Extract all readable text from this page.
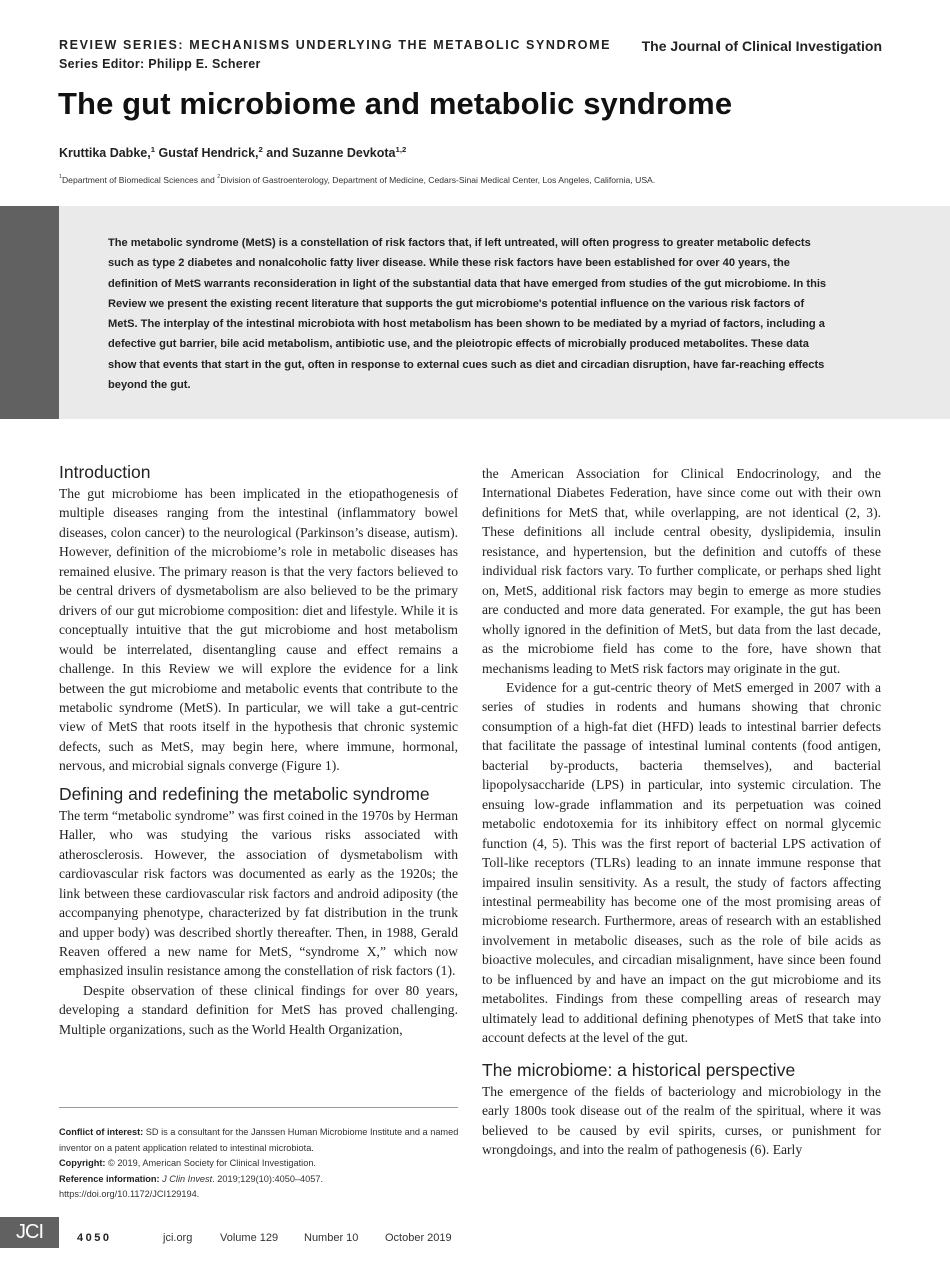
REVIEW SERIES: MECHANISMS UNDERLYING THE METABOLIC SYNDROME
Series Editor: Philipp E. Scherer
The Journal of Clinical Investigation
The gut microbiome and metabolic syndrome
Kruttika Dabke,$^1$ Gustaf Hendrick,$^2$ and Suzanne Devkota$^{1,2}$
$^1$Department of Biomedical Sciences and $^2$Division of Gastroenterology, Department of Medicine, Cedars-Sinai Medical Center, Los Angeles, California, USA.
The metabolic syndrome (MetS) is a constellation of risk factors that, if left untreated, will often progress to greater metabolic defects such as type 2 diabetes and nonalcoholic fatty liver disease. While these risk factors have been established for over 40 years, the definition of MetS warrants reconsideration in light of the substantial data that have emerged from studies of the gut microbiome. In this Review we present the existing recent literature that supports the gut microbiome's potential influence on the various risk factors of MetS. The interplay of the intestinal microbiota with host metabolism has been shown to be mediated by a myriad of factors, including a defective gut barrier, bile acid metabolism, antibiotic use, and the pleiotropic effects of microbially produced metabolites. These data show that events that start in the gut, often in response to external cues such as diet and circadian disruption, have far-reaching effects beyond the gut.
Introduction

The gut microbiome has been implicated in the etiopathogenesis of multiple diseases ranging from the intestinal (inflammatory bowel diseases, colon cancer) to the neurological (Parkinson’s disease, autism). However, definition of the microbiome’s role in metabolic diseases has remained elusive. The primary reason is that the very factors believed to be central drivers of dysmetabolism are also believed to be the primary drivers of our gut microbiome composition: diet and lifestyle. While it is conceptually intuitive that the gut microbiome and host metabolism would be interrelated, disentangling cause and effect remains a challenge. In this Review we will explore the evidence for a link between the gut microbiome and metabolic events that contribute to the metabolic syndrome (MetS). In particular, we will take a gut-centric view of MetS that roots itself in the hypothesis that chronic systemic defects, such as MetS, may begin here, where immune, hormonal, nervous, and microbial signals converge (Figure 1).

Defining and redefining the metabolic syndrome

The term “metabolic syndrome” was first coined in the 1970s by Herman Haller, who was studying the various risks associated with atherosclerosis. However, the association of dysmetabolism with cardiovascular risk factors was documented as early as the 1920s; the link between these cardiovascular risk factors and android adiposity (the accompanying phenotype, characterized by fat distribution in the trunk and upper body) was described shortly thereafter. Then, in 1988, Gerald Reaven offered a new name for MetS, “syndrome X,” which now emphasized insulin resistance among the constellation of risk factors (1).

Despite observation of these clinical findings for over 80 years, developing a standard definition for MetS has proved challenging. Multiple organizations, such as the World Health Organization,

the American Association for Clinical Endocrinology, and the International Diabetes Federation, have since come out with their own definitions for MetS that, while overlapping, are not identical (2, 3). These definitions all include central obesity, dyslipidemia, insulin resistance, and hypertension, but the definition and cutoffs of these individual risk factors vary. To further complicate, or perhaps shed light on, MetS, additional risk factors may begin to emerge as more studies are conducted and more data generated. For example, the gut has been wholly ignored in the definition of MetS, but data from the last decade, as the microbiome field has come to the fore, have shown that mechanisms leading to MetS risk factors may originate in the gut.

Evidence for a gut-centric theory of MetS emerged in 2007 with a series of studies in rodents and humans showing that chronic consumption of a high-fat diet (HFD) leads to intestinal barrier defects that facilitate the passage of intestinal luminal contents (food antigen, bacterial by-products, bacteria themselves), and bacterial lipopolysaccharide (LPS) in particular, into systemic circulation. The ensuing low-grade inflammation and its perpetuation was coined metabolic endotoxemia for its inhibitory effect on normal glycemic function (4, 5). This was the first report of bacterial LPS activation of Toll-like receptors (TLRs) leading to an innate immune response that impaired insulin sensitivity. As a result, the study of factors affecting intestinal permeability has become one of the most promising areas of microbiome research. Furthermore, areas of research with an established involvement in metabolic diseases, such as the role of bile acids as bioactive molecules, and circadian misalignment, have since been found to be influenced by and have an impact on the gut microbiome and its metabolites. Findings from these compelling areas of research may ultimately lead to additional defining phenotypes of MetS that take into account defects at the level of the gut.

The microbiome: a historical perspective

The emergence of the fields of bacteriology and microbiology in the early 1800s took disease out of the realm of the spiritual, where it was believed to be caused by evil spirits, curses, or punishment for wrongdoings, and into the realm of pathogenesis (6). Early

Conflict of interest: SD is a consultant for the Janssen Human Microbiome Institute and a named inventor on a patent application related to intestinal microbiota.
Copyright: © 2019, American Society for Clinical Investigation.
Reference information: J Clin Invest. 2019;129(10):4050–4057.
https://doi.org/10.1172/JCI129194.
JCI	4050	jci.org	Volume 129 Number 10 October 2019
